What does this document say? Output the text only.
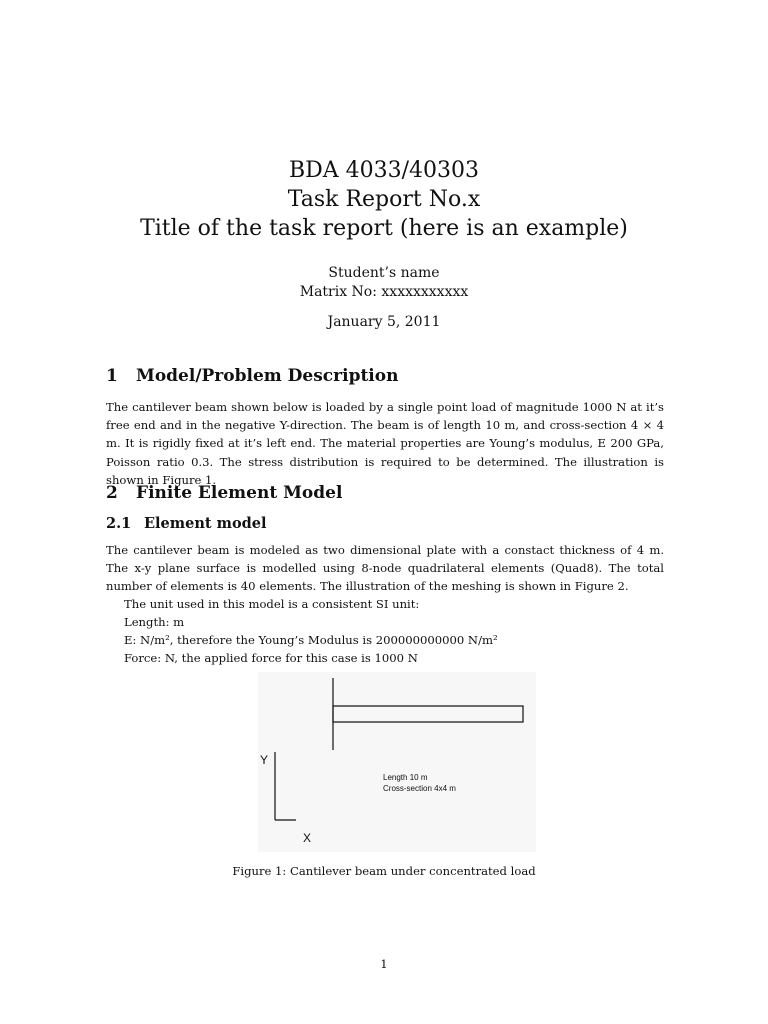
BDA 4033/40303
Task Report No.x
Title of the task report (here is an example)
Student’s name
Matrix No: xxxxxxxxxxx
January 5, 2011
1 Model/Problem Description
The cantilever beam shown below is loaded by a single point load of magnitude 1000 N at it’s free end and in the negative Y-direction. The beam is of length 10 m, and cross-section 4 × 4 m. It is rigidly fixed at it’s left end. The material properties are Young’s modulus, E 200 GPa, Poisson ratio 0.3. The stress distribution is required to be determined. The illustration is shown in Figure 1.
2 Finite Element Model
2.1 Element model
The cantilever beam is modeled as two dimensional plate with a constact thickness of 4 m. The x-y plane surface is modelled using 8-node quadrilateral elements (Quad8). The total number of elements is 40 elements. The illustration of the meshing is shown in Figure 2.
The unit used in this model is a consistent SI unit:
Length: m
E: N/m², therefore the Young’s Modulus is 200000000000 N/m²
Force: N, the applied force for this case is 1000 N
Y
X
Length 10 m
Cross-section 4x4 m
Figure 1: Cantilever beam under concentrated load
1
